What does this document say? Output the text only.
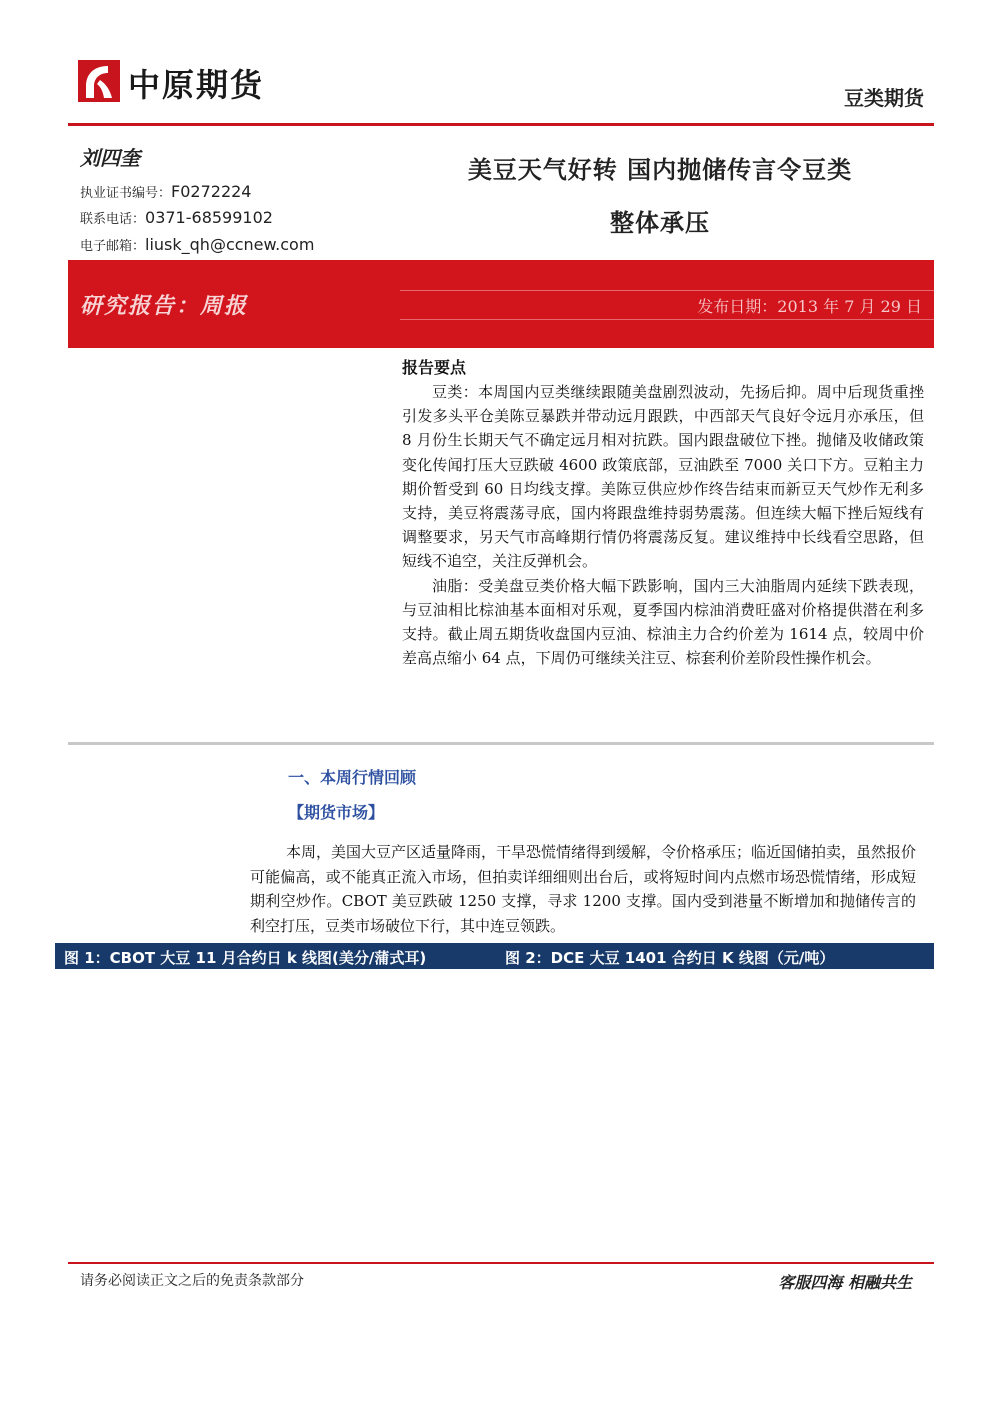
中原期货	豆类期货
刘四奎
执业证书编号：F0272224
联系电话：0371-68599102
电子邮箱：liusk_qh@ccnew.com
美豆天气好转 国内抛储传言令豆类
整体承压
研究报告：周报	发布日期：2013 年 7 月 29 日
报告要点

豆类：本周国内豆类继续跟随美盘剧烈波动，先扬后抑。周中后现货重挫引发多头平仓美陈豆暴跌并带动远月跟跌，中西部天气良好令远月亦承压，但 8 月份生长期天气不确定远月相对抗跌。国内跟盘破位下挫。抛储及收储政策变化传闻打压大豆跌破 4600 政策底部，豆油跌至 7000 关口下方。豆粕主力期价暂受到 60 日均线支撑。美陈豆供应炒作终告结束而新豆天气炒作无利多支持，美豆将震荡寻底，国内将跟盘维持弱势震荡。但连续大幅下挫后短线有调整要求，另天气市高峰期行情仍将震荡反复。建议维持中长线看空思路，但短线不追空，关注反弹机会。

油脂：受美盘豆类价格大幅下跌影响，国内三大油脂周内延续下跌表现，与豆油相比棕油基本面相对乐观，夏季国内棕油消费旺盛对价格提供潜在利多支持。截止周五期货收盘国内豆油、棕油主力合约价差为 1614 点，较周中价差高点缩小 64 点，下周仍可继续关注豆、棕套利价差阶段性操作机会。

一、本周行情回顾
【期货市场】

本周，美国大豆产区适量降雨，干旱恐慌情绪得到缓解，令价格承压；临近国储拍卖，虽然报价可能偏高，或不能真正流入市场，但拍卖详细细则出台后，或将短时间内点燃市场恐慌情绪，形成短期利空炒作。CBOT 美豆跌破 1250 支撑，寻求 1200 支撑。国内受到港量不断增加和抛储传言的利空打压，豆类市场破位下行，其中连豆领跌。

图 1：CBOT 大豆 11 月合约日 k 线图(美分/蒲式耳)	图 2：DCE 大豆 1401 合约日 K 线图（元/吨）
请务必阅读正文之后的免责条款部分	客服四海 相融共生
